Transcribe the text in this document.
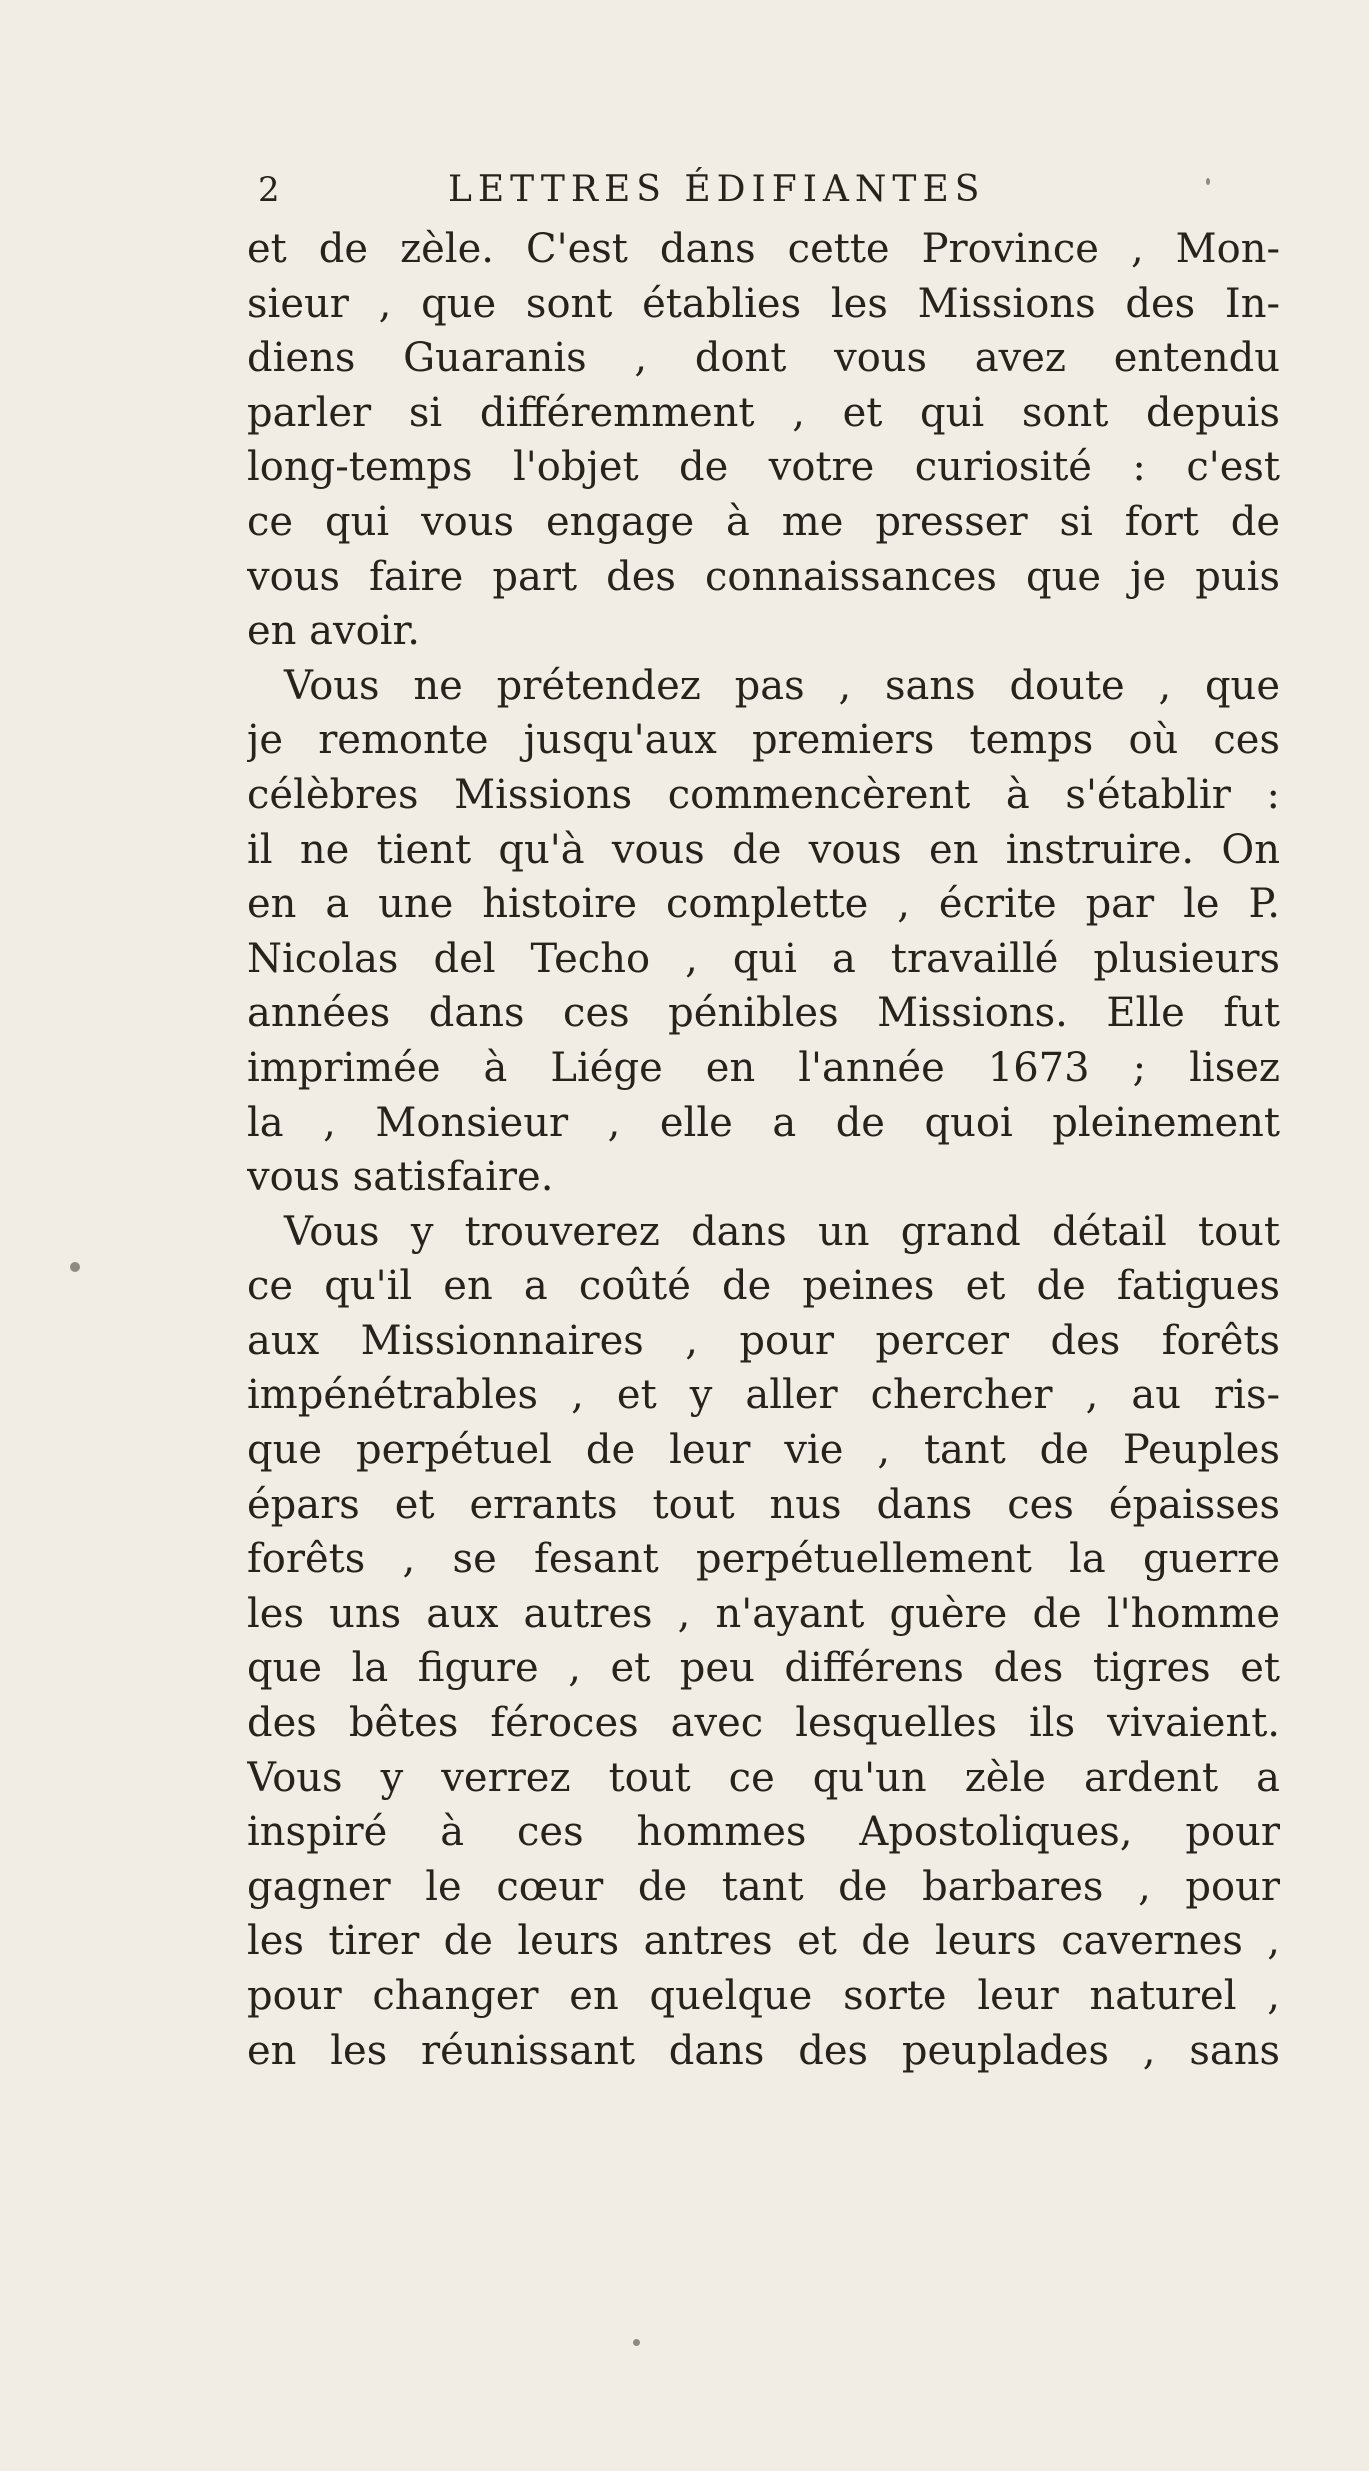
2	LETTRES ÉDIFIANTES
et de zèle. C'est dans cette Province , Mon-
sieur , que sont établies les Missions des In-
diens Guaranis , dont vous avez entendu
parler si différemment , et qui sont depuis
long-temps l'objet de votre curiosité : c'est
ce qui vous engage à me presser si fort de
vous faire part des connaissances que je puis
en avoir.
Vous ne prétendez pas , sans doute , que
je remonte jusqu'aux premiers temps où ces
célèbres Missions commencèrent à s'établir :
il ne tient qu'à vous de vous en instruire. On
en a une histoire complette , écrite par le P.
Nicolas del Techo , qui a travaillé plusieurs
années dans ces pénibles Missions. Elle fut
imprimée à Liége en l'année 1673 ; lisez
la , Monsieur , elle a de quoi pleinement
vous satisfaire.
Vous y trouverez dans un grand détail tout
ce qu'il en a coûté de peines et de fatigues
aux Missionnaires , pour percer des forêts
impénétrables , et y aller chercher , au ris-
que perpétuel de leur vie , tant de Peuples
épars et errants tout nus dans ces épaisses
forêts , se fesant perpétuellement la guerre
les uns aux autres , n'ayant guère de l'homme
que la figure , et peu différens des tigres et
des bêtes féroces avec lesquelles ils vivaient.
Vous y verrez tout ce qu'un zèle ardent a
inspiré à ces hommes Apostoliques, pour
gagner le cœur de tant de barbares , pour
les tirer de leurs antres et de leurs cavernes ,
pour changer en quelque sorte leur naturel ,
en les réunissant dans des peuplades , sans
